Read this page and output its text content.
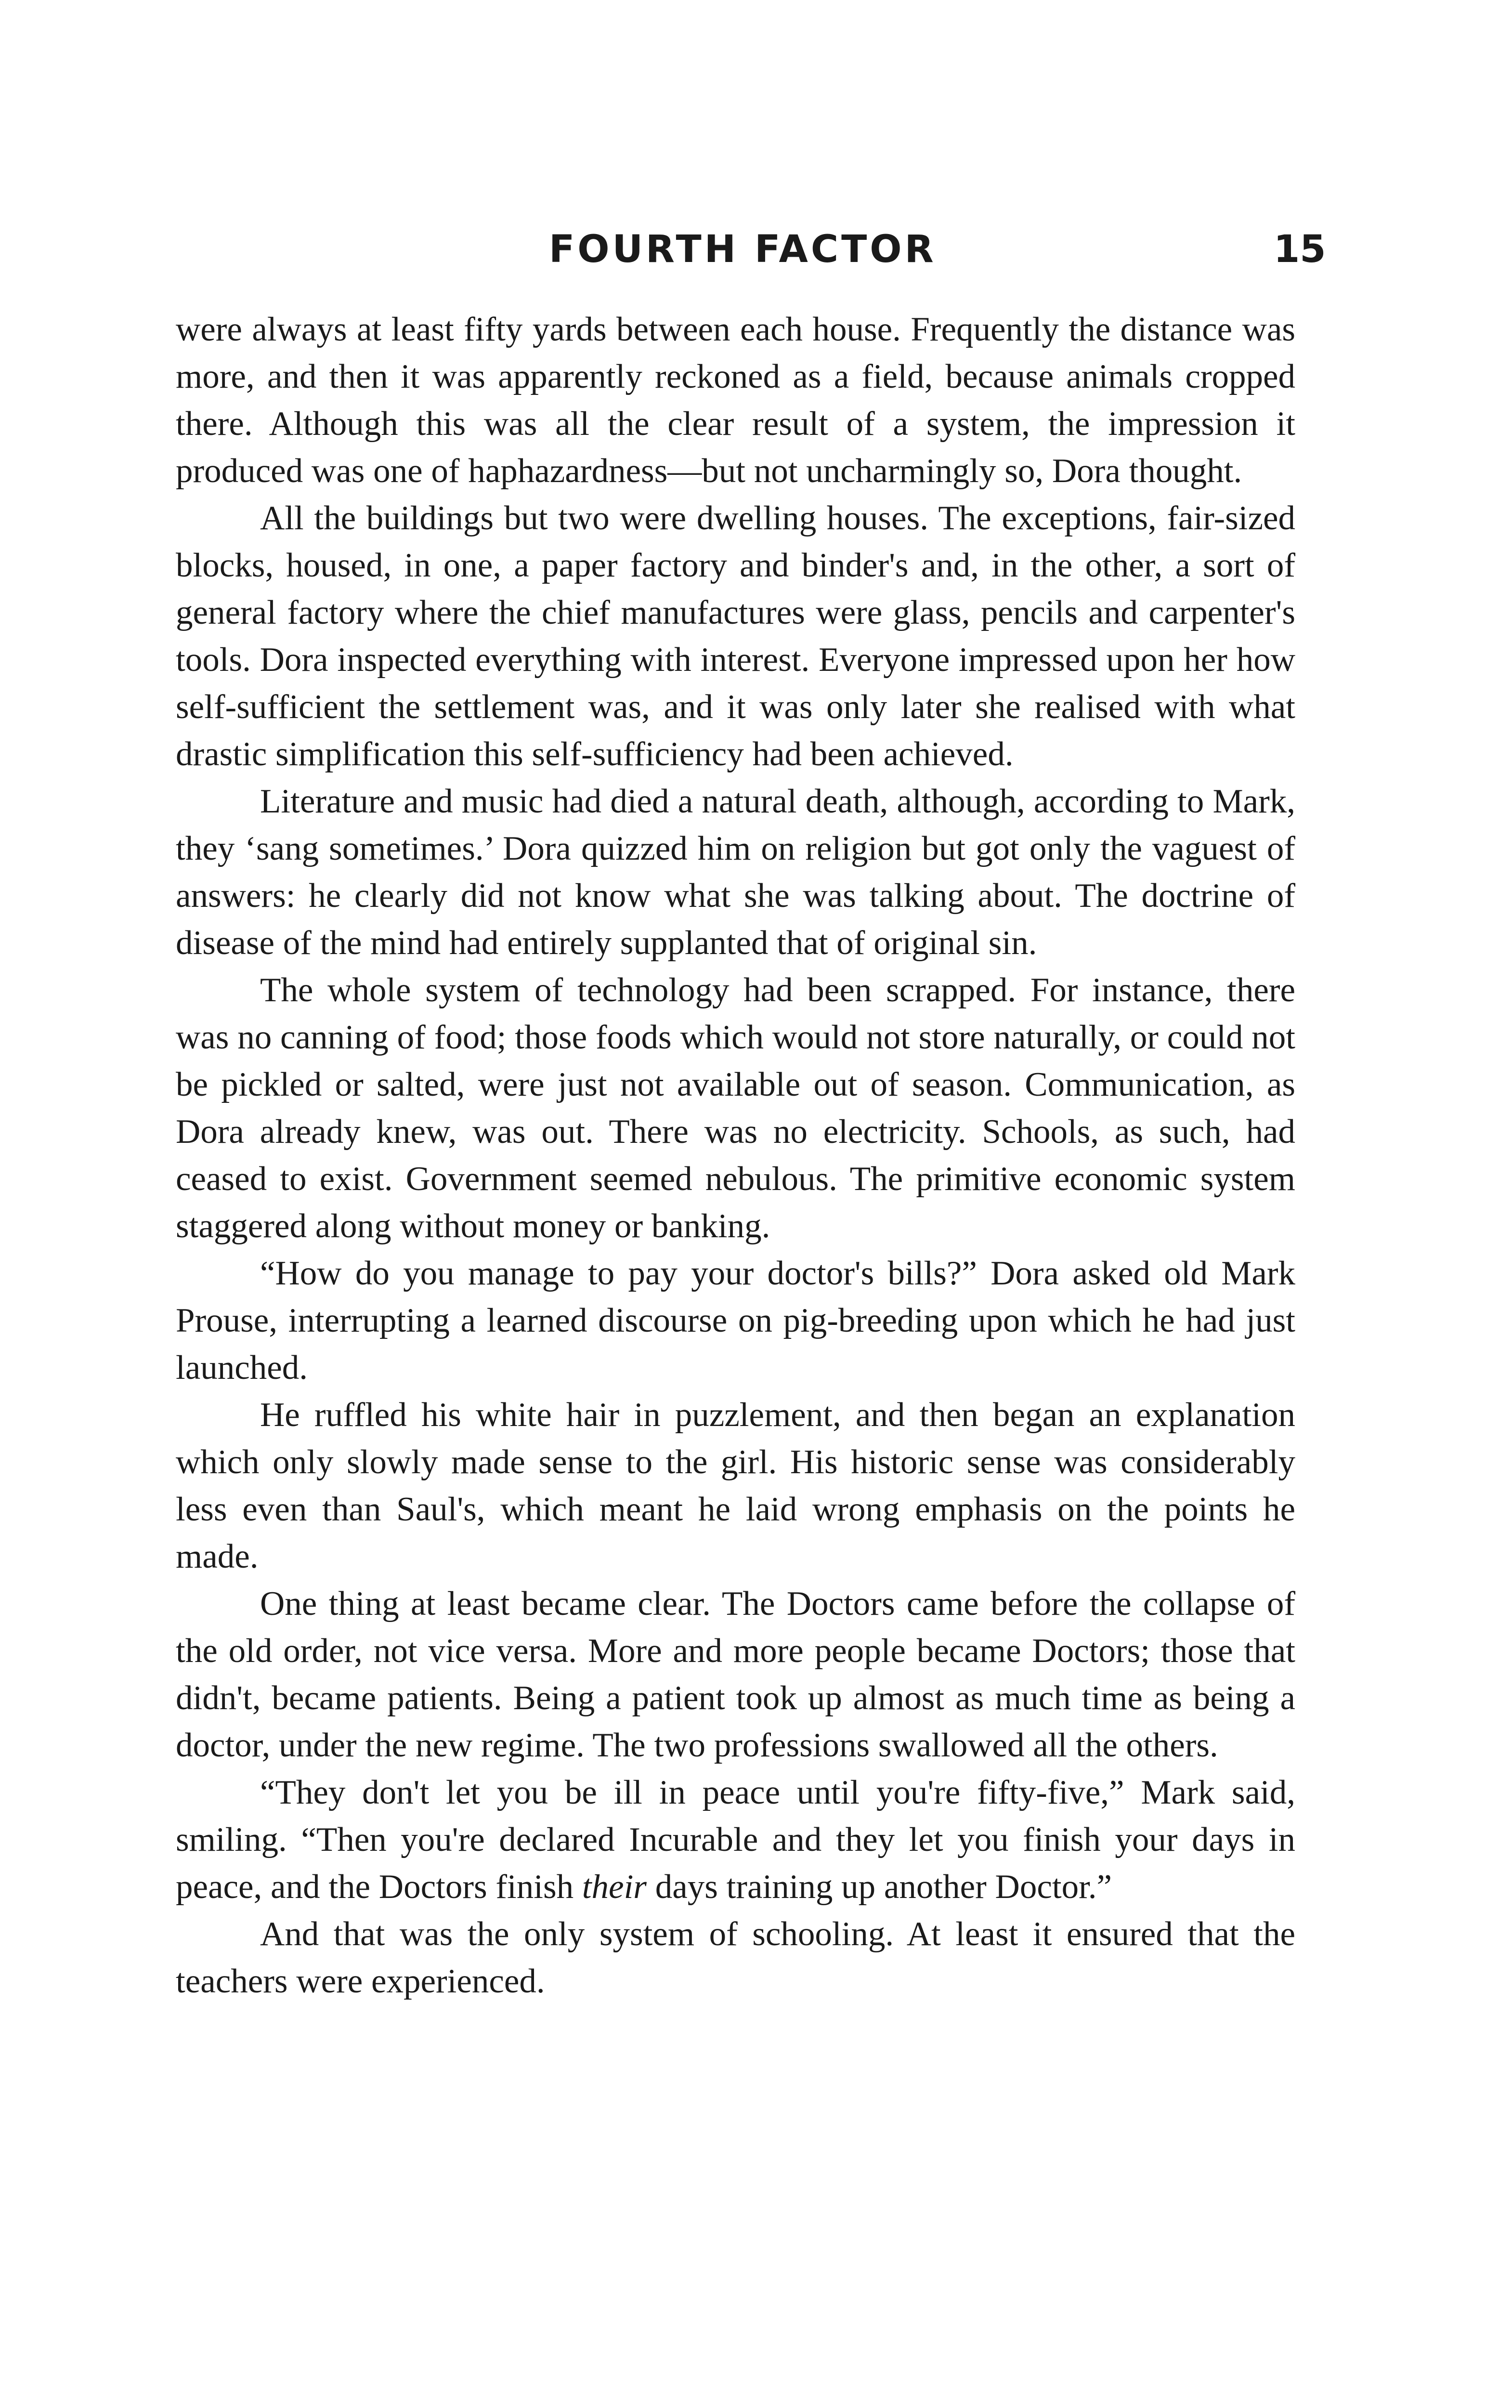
FOURTH FACTOR	15

were always at least fifty yards between each house. Frequently the distance was more, and then it was apparently reckoned as a field, because animals cropped there. Although this was all the clear result of a system, the impression it produced was one of haphazardness—but not uncharmingly so, Dora thought.

All the buildings but two were dwelling houses. The exceptions, fair-sized blocks, housed, in one, a paper factory and binder's and, in the other, a sort of general factory where the chief manufactures were glass, pencils and carpenter's tools. Dora inspected everything with interest. Everyone impressed upon her how self-sufficient the settlement was, and it was only later she realised with what drastic simplification this self-sufficiency had been achieved.

Literature and music had died a natural death, although, according to Mark, they ‘sang sometimes.’ Dora quizzed him on religion but got only the vaguest of answers: he clearly did not know what she was talking about. The doctrine of disease of the mind had entirely supplanted that of original sin.

The whole system of technology had been scrapped. For instance, there was no canning of food; those foods which would not store naturally, or could not be pickled or salted, were just not available out of season. Communication, as Dora already knew, was out. There was no electricity. Schools, as such, had ceased to exist. Government seemed nebulous. The primitive economic system staggered along without money or banking.

“How do you manage to pay your doctor's bills?” Dora asked old Mark Prouse, interrupting a learned discourse on pig-breeding upon which he had just launched.

He ruffled his white hair in puzzlement, and then began an explanation which only slowly made sense to the girl. His historic sense was considerably less even than Saul's, which meant he laid wrong emphasis on the points he made.

One thing at least became clear. The Doctors came before the collapse of the old order, not vice versa. More and more people became Doctors; those that didn't, became patients. Being a patient took up almost as much time as being a doctor, under the new regime. The two professions swallowed all the others.

“They don't let you be ill in peace until you're fifty-five,” Mark said, smiling. “Then you're declared Incurable and they let you finish your days in peace, and the Doctors finish their days training up another Doctor.”

And that was the only system of schooling. At least it ensured that the teachers were experienced.
